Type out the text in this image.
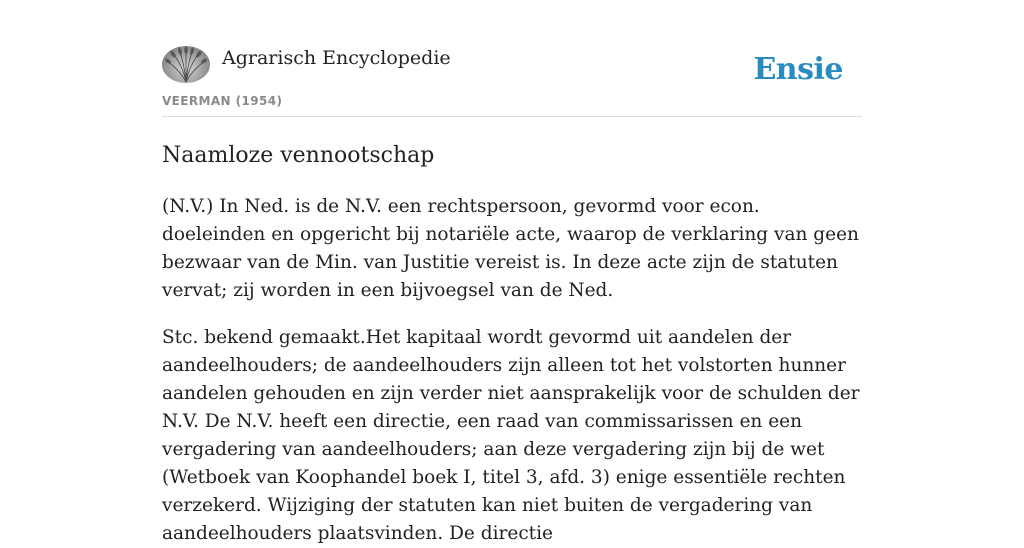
Agrarisch Encyclopedie	Ensie
VEERMAN (1954)
Naamloze vennootschap

(N.V.) In Ned. is de N.V. een rechtspersoon, gevormd voor econ. doeleinden en opgericht bij notariële acte, waarop de verklaring van geen bezwaar van de Min. van Justitie vereist is. In deze acte zijn de statuten vervat; zij worden in een bijvoegsel van de Ned.

Stc. bekend gemaakt.Het kapitaal wordt gevormd uit aandelen der aandeelhouders; de aandeelhouders zijn alleen tot het volstorten hunner aandelen gehouden en zijn verder niet aansprakelijk voor de schulden der N.V. De N.V. heeft een directie, een raad van commissarissen en een vergadering van aandeelhouders; aan deze vergadering zijn bij de wet (Wetboek van Koophandel boek I, titel 3, afd. 3) enige essentiële rechten verzekerd. Wijziging der statuten kan niet buiten de vergadering van aandeelhouders plaatsvinden. De directie
